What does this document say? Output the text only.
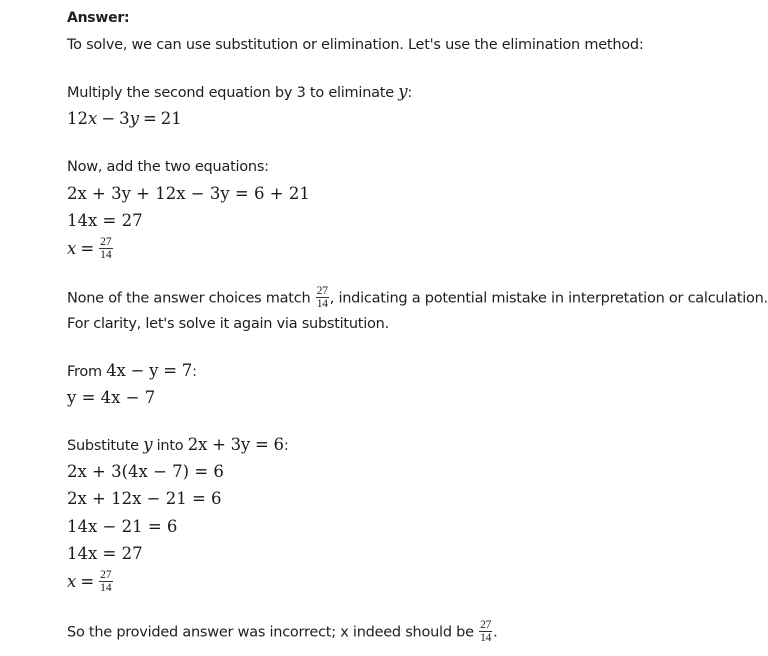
Answer:
To solve, we can use substitution or elimination. Let's use the elimination method:
Multiply the second equation by 3 to eliminate y:
12x − 3y = 21
Now, add the two equations:
2x + 3y + 12x − 3y = 6 + 21
14x = 27
$x = \frac{27}{14}$
None of the answer choices match $\frac{27}{14}$ , indicating a potential mistake in interpretation or calculation.
For clarity, let's solve it again via substitution.
From 4x − y = 7:
y = 4x − 7
Substitute y into 2x + 3y = 6:
2x + 3(4x − 7) = 6
2x + 12x − 21 = 6
14x − 21 = 6
14x = 27
$x = \frac{27}{14}$
So the provided answer was incorrect; x indeed should be $\frac{27}{14}$ .
